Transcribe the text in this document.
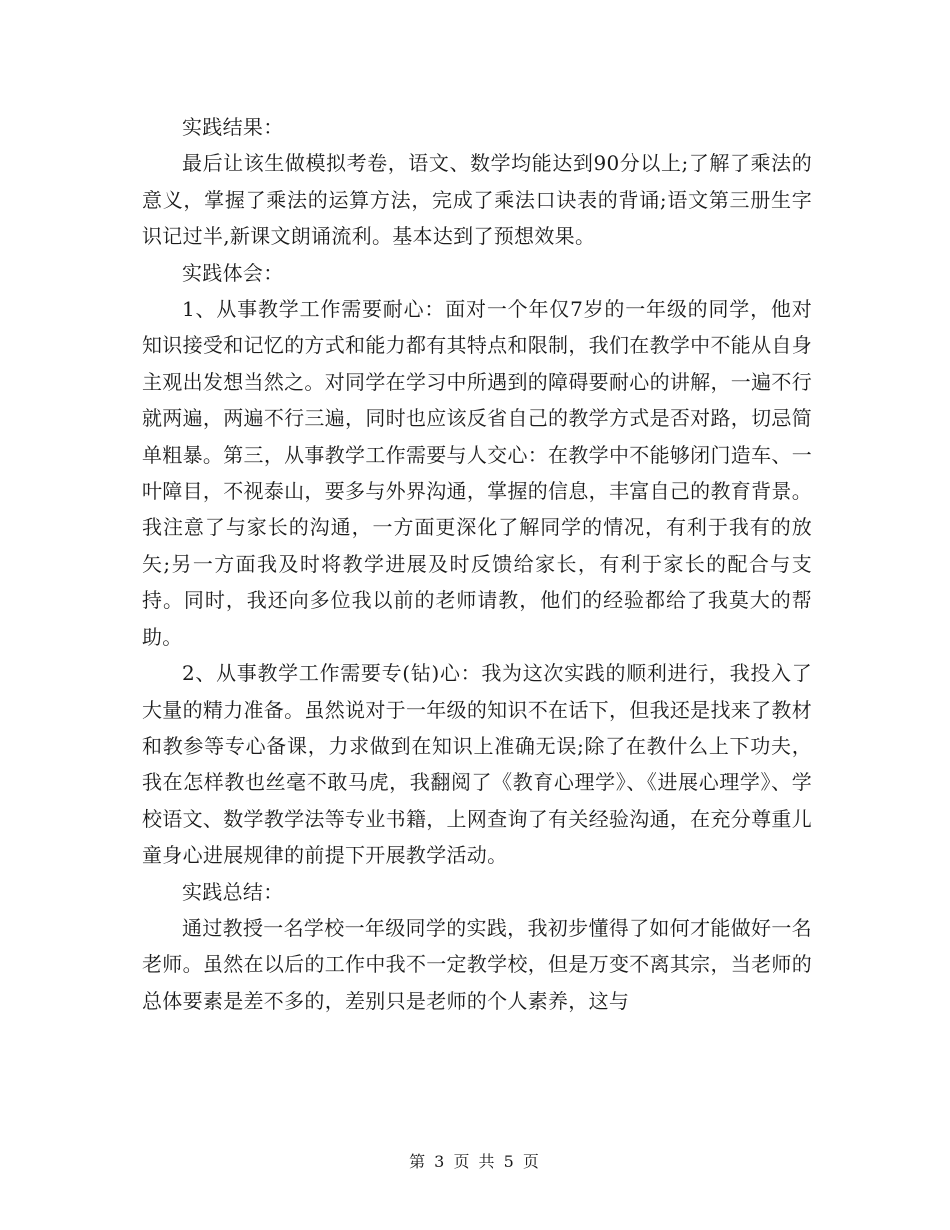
实践结果：

最后让该生做模拟考卷，语文、数学均能达到90分以上;了解了乘法的意义，掌握了乘法的运算方法，完成了乘法口诀表的背诵;语文第三册生字识记过半,新课文朗诵流利。基本达到了预想效果。

实践体会：

1、从事教学工作需要耐心：面对一个年仅7岁的一年级的同学，他对知识接受和记忆的方式和能力都有其特点和限制，我们在教学中不能从自身主观出发想当然之。对同学在学习中所遇到的障碍要耐心的讲解，一遍不行就两遍，两遍不行三遍，同时也应该反省自己的教学方式是否对路，切忌简单粗暴。第三，从事教学工作需要与人交心：在教学中不能够闭门造车、一叶障目，不视泰山，要多与外界沟通，掌握的信息，丰富自己的教育背景。我注意了与家长的沟通，一方面更深化了解同学的情况，有利于我有的放矢;另一方面我及时将教学进展及时反馈给家长，有利于家长的配合与支持。同时，我还向多位我以前的老师请教，他们的经验都给了我莫大的帮助。

2、从事教学工作需要专(钻)心：我为这次实践的顺利进行，我投入了大量的精力准备。虽然说对于一年级的知识不在话下，但我还是找来了教材和教参等专心备课，力求做到在知识上准确无误;除了在教什么上下功夫，我在怎样教也丝毫不敢马虎，我翻阅了《教育心理学》、《进展心理学》、学校语文、数学教学法等专业书籍，上网查询了有关经验沟通，在充分尊重儿童身心进展规律的前提下开展教学活动。

实践总结：

通过教授一名学校一年级同学的实践，我初步懂得了如何才能做好一名老师。虽然在以后的工作中我不一定教学校，但是万变不离其宗，当老师的总体要素是差不多的，差别只是老师的个人素养，这与

第 3 页 共 5 页
